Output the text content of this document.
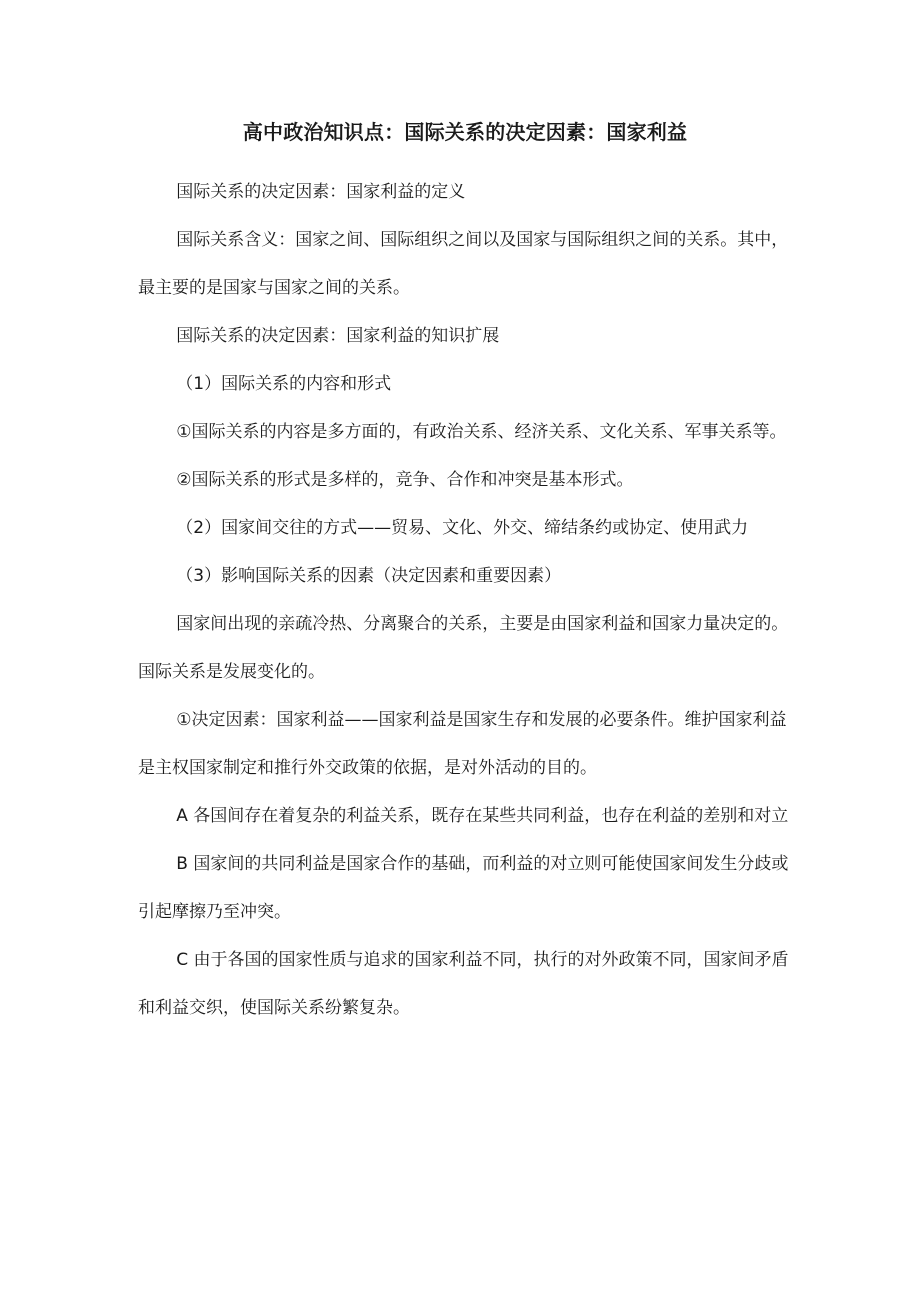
高中政治知识点：国际关系的决定因素：国家利益

国际关系的决定因素：国家利益的定义

国际关系含义：国家之间、国际组织之间以及国家与国际组织之间的关系。其中，最主要的是国家与国家之间的关系。

国际关系的决定因素：国家利益的知识扩展

（1）国际关系的内容和形式

①国际关系的内容是多方面的，有政治关系、经济关系、文化关系、军事关系等。

②国际关系的形式是多样的，竞争、合作和冲突是基本形式。

（2）国家间交往的方式——贸易、文化、外交、缔结条约或协定、使用武力

（3）影响国际关系的因素（决定因素和重要因素）

国家间出现的亲疏冷热、分离聚合的关系，主要是由国家利益和国家力量决定的。国际关系是发展变化的。

①决定因素：国家利益——国家利益是国家生存和发展的必要条件。维护国家利益是主权国家制定和推行外交政策的依据，是对外活动的目的。

A 各国间存在着复杂的利益关系，既存在某些共同利益，也存在利益的差别和对立

B 国家间的共同利益是国家合作的基础，而利益的对立则可能使国家间发生分歧或引起摩擦乃至冲突。

C 由于各国的国家性质与追求的国家利益不同，执行的对外政策不同，国家间矛盾和利益交织，使国际关系纷繁复杂。
